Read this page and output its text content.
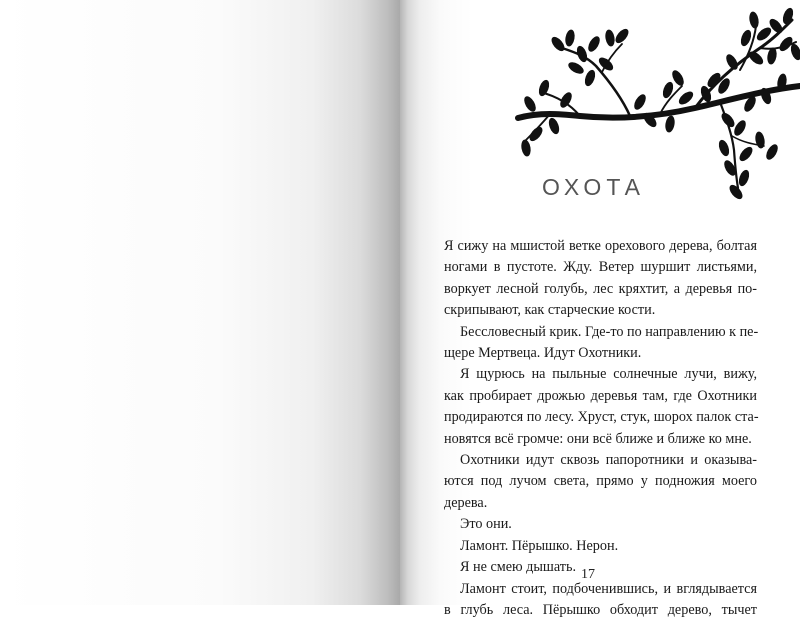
ОХОТА
Я сижу на мшистой ветке орехового дерева, болтая
ногами в пустоте. Жду. Ветер шуршит листьями,
воркует лесной голубь, лес кряхтит, а деревья по-
скрипывают, как старческие кости.
Бессловесный крик. Где-то по направлению к пе-
щере Мертвеца. Идут Охотники.
Я щурюсь на пыльные солнечные лучи, вижу,
как пробирает дрожью деревья там, где Охотники
продираются по лесу. Хруст, стук, шорох палок ста-
новятся всё громче: они всё ближе и ближе ко мне.
Охотники идут сквозь папоротники и оказыва-
ются под лучом света, прямо у подножия моего
дерева.
Это они.
Ламонт. Пёрышко. Нерон.
Я не смею дышать.
Ламонт стоит, подбоченившись, и вглядывается
в глубь леса. Пёрышко обходит дерево, тычет
17
